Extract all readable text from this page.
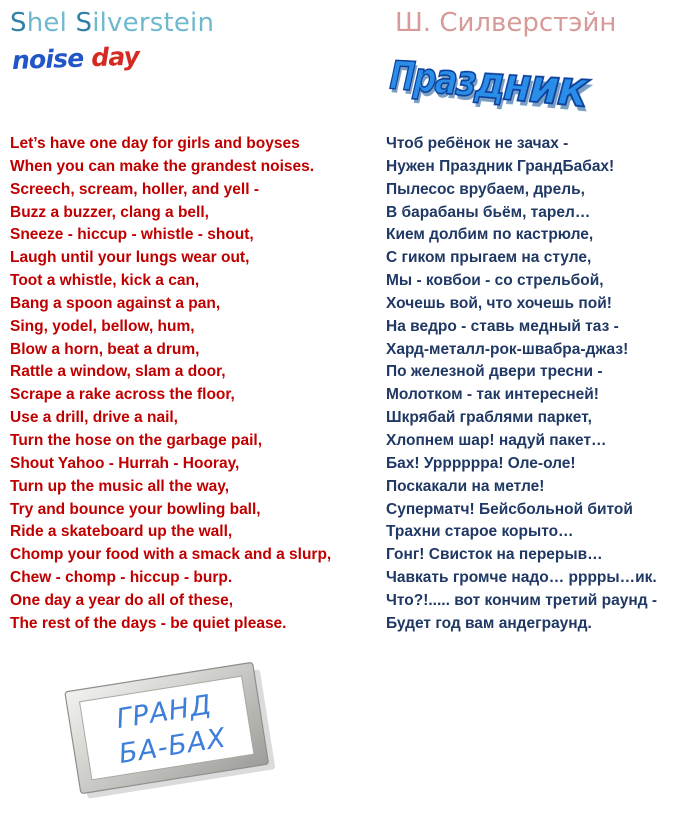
Shel Silverstein	Ш. Силверстэйн
noise day	Праздник
Let’s have one day for girls and boyses
When you can make the grandest noises.
Screech, scream, holler, and yell -
Buzz a buzzer, clang a bell,
Sneeze - hiccup - whistle - shout,
Laugh until your lungs wear out,
Toot a whistle, kick a can,
Bang a spoon against a pan,
Sing, yodel, bellow, hum,
Blow a horn, beat a drum,
Rattle a window, slam a door,
Scrape a rake across the floor,
Use a drill, drive a nail,
Turn the hose on the garbage pail,
Shout Yahoo - Hurrah - Hooray,
Turn up the music all the way,
Try and bounce your bowling ball,
Ride a skateboard up the wall,
Chomp your food with a smack and a slurp,
Chew - chomp - hiccup - burp.
One day a year do all of these,
The rest of the days - be quiet please.
Чтоб ребёнок не зачах -
Нужен Праздник ГрандБабах!
Пылесос врубаем, дрель,
В барабаны бьём, тарел…
Кием долбим по кастрюле,
С гиком прыгаем на стуле,
Мы - ковбои - со стрельбой,
Хочешь вой, что хочешь пой!
На ведро - ставь медный таз -
Хард-металл-рок-швабра-джаз!
По железной двери тресни -
Молотком - так интересней!
Шкрябай граблями паркет,
Хлопнем шар! надуй пакет…
Бах! Уррррррa! Оле-оле!
Поскакали на метле!
Суперматч! Бейсбольной битой
Трахни старое корыто…
Гонг! Свисток на перерыв…
Чавкать громче надо… рррры…ик.
Что?!..... вот кончим третий раунд -
Будет год вам андеграунд.
ГРАНД
БА-БАХ
